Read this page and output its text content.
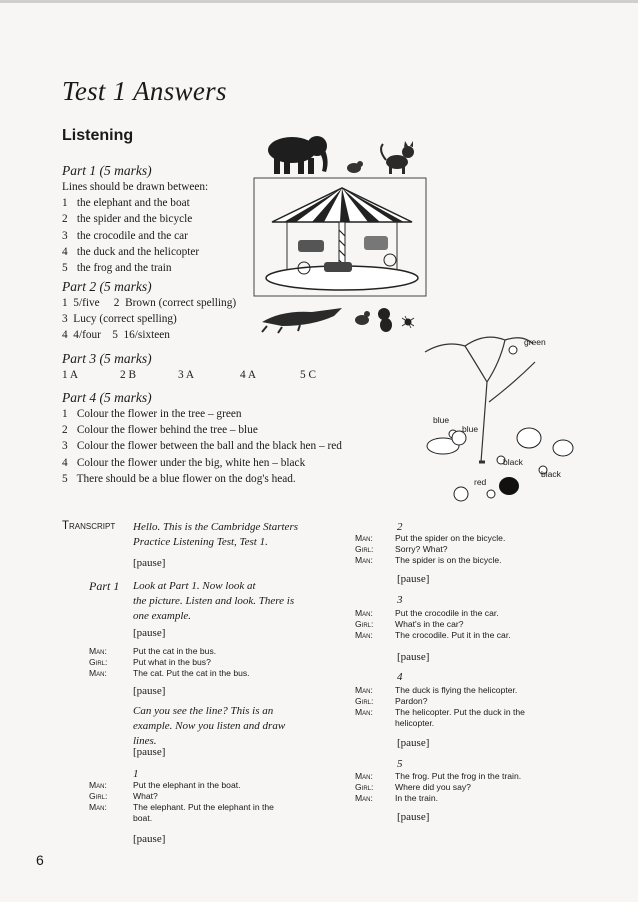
Test 1 Answers
Listening
Part 1 (5 marks)
Lines should be drawn between:
1 the elephant and the boat
2 the spider and the bicycle
3 the crocodile and the car
4 the duck and the helicopter
5 the frog and the train
Part 2 (5 marks)
1  5/five     2  Brown (correct spelling)
3  Lucy (correct spelling)
4  4/four    5  16/sixteen
Part 3 (5 marks)
1 A	2 B	3 A	4 A	5 C
Part 4 (5 marks)
1 Colour the flower in the tree – green
2 Colour the flower behind the tree – blue
3 Colour the flower between the ball and the black hen – red
4 Colour the flower under the big, white hen – black
5 There should be a blue flower on the dog's head.
green
blue
blue
black
black
red
Transcript Hello. This is the Cambridge Starters
Practice Listening Test, Test 1.
[pause]
Part 1 Look at Part 1. Now look at
the picture. Listen and look. There is
one example.
[pause]
Man:	Put the cat in the bus.
Girl:	Put what in the bus?
Man:	The cat. Put the cat in the bus.
[pause]
Can you see the line? This is an
example. Now you listen and draw
lines.
[pause]
1
Man:	Put the elephant in the boat.
Girl:	What?
Man:	The elephant. Put the elephant in the
boat.
[pause]
2
Man:	Put the spider on the bicycle.
Girl:	Sorry? What?
Man:	The spider is on the bicycle.
[pause]
3
Man:	Put the crocodile in the car.
Girl:	What's in the car?
Man:	The crocodile. Put it in the car.
[pause]
4
Man:	The duck is flying the helicopter.
Girl:	Pardon?
Man:	The helicopter. Put the duck in the
helicopter.
[pause]
5
Man:	The frog. Put the frog in the train.
Girl:	Where did you say?
Man:	In the train.
[pause]
6
